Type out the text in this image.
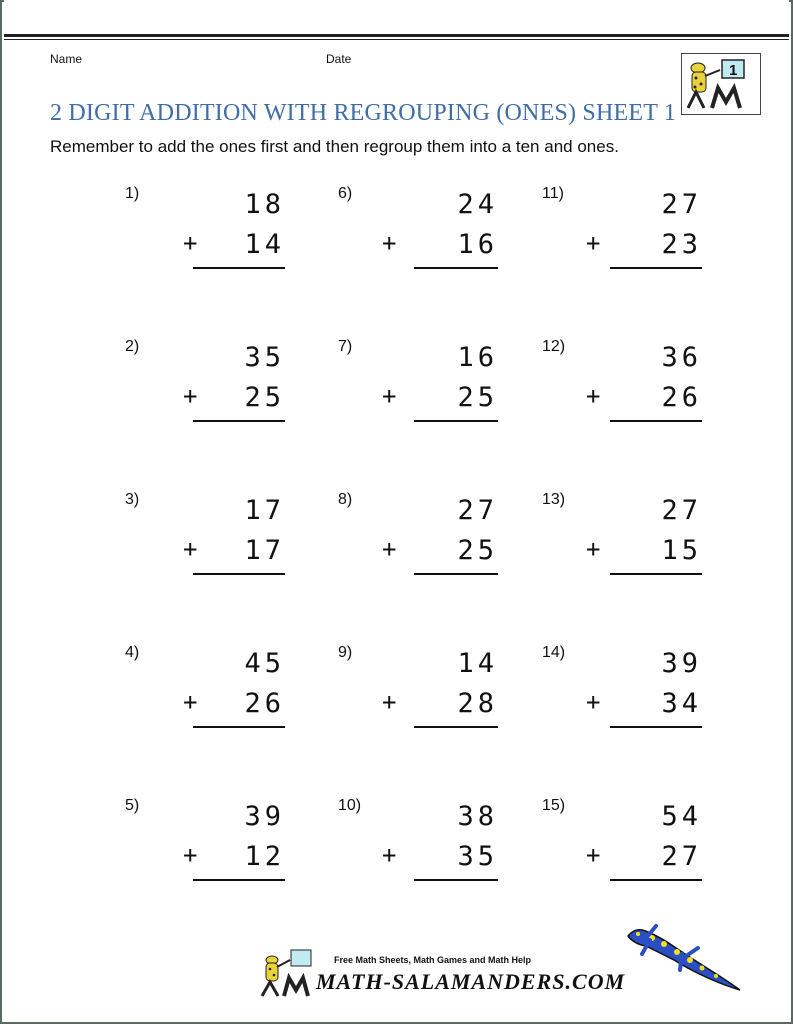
Name	Date
1
2 DIGIT ADDITION WITH REGROUPING (ONES) SHEET 1
Remember to add the ones first and then regroup them into a ten and ones.
1)	18
+	14
2)	35
+	25
3)	17
+	17
4)	45
+	26
5)	39
+	12
6)	24
+	16
7)	16
+	25
8)	27
+	25
9)	14
+	28
10)	38
+	35
11)	27
+	23
12)	36
+	26
13)	27
+	15
14)	39
+	34
15)	54
+	27
Free Math Sheets, Math Games and Math Help
MATH-SALAMANDERS.COM
